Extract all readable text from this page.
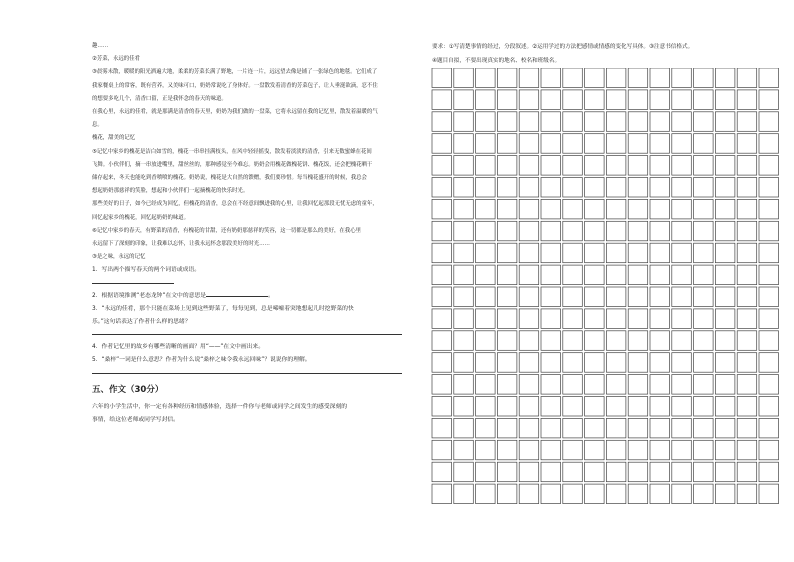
趣……

②芳菜，永远的佳肴

③晨雾未散，暖暖的阳光洒遍大地，柔柔的芳菜长满了野地，一片连一片，远远望去像是铺了一张绿色的地毯。它们成了

我家餐桌上的常客，既有营养，又美味可口，奶奶常说吃了身体好。一盘散发着清香的芳菜包子，让人垂涎欲滴，忍不住

的想要多吃几个，清香口留，正是我怀念的春天的味道。

在我心里，永远的佳肴，就是那满是清香的春天里，奶奶为我们做的一盘菜，它将永远留在我的记忆里，散发着温暖的气

息。

槐花，甜美的记忆

⑤记忆中家乡的槐花是洁白如雪的，槐花一串串挂满枝头，在风中轻轻摇曳，散发着淡淡的清香，引来无数蜜蜂在花间

飞舞。小伙伴们，摘一串放进嘴里，甜丝丝的，那种感觉至今难忘。奶奶会用槐花做槐花饼、槐花饭，还会把槐花晒干

储存起来，冬天也能吃到香喷喷的槐花。奶奶说，槐花是大自然的馈赠，我们要珍惜。每当槐花盛开的时候，我总会

想起奶奶那慈祥的笑脸，想起和小伙伴们一起摘槐花的快乐时光。

那些美好的日子，如今已经成为回忆，但槐花的清香，总会在不经意间飘进我的心里，让我回忆起那段无忧无虑的童年，

回忆起家乡的槐花，回忆起奶奶的味道。

⑥记忆中家乡的春天，有野菜的清香，有槐花的甘甜，还有奶奶那慈祥的笑容，这一切都是那么的美好，在我心里

永远留下了深刻的印象，让我难以忘怀，让我永远怀念那段美好的时光……

③是之味，永远的记忆

1．写出两个描写春天的两个词语或成语。

2．根据语境推测“老态龙钟”在文中的意思是	。

3．“永远的佳肴，那个只能在菜场上见到这些野菜了，每每见到，总是唏嘘着突地想起儿时挖野菜的快

乐。”这句话表达了作者什么样的思绪？

4．作者记忆里的故乡有哪些清晰的画面？用“——”在文中画出来。

5．“桑梓”一词是什么意思？作者为什么说“桑梓之味令我永远回味”？说说你的理解。

五、作文（30分）

六年的小学生活中，你一定有各种经历和情感体验，选择一件你与老师或同学之间发生的感受深刻的

事情，给这位老师或同学写封信。

要求：①写清楚事情的经过，分段叙述。②运用学过的方法把感情或情感的变化写具体。③注意书信格式。

④题目自拟，不要出现真实的地名、校名和班级名。
